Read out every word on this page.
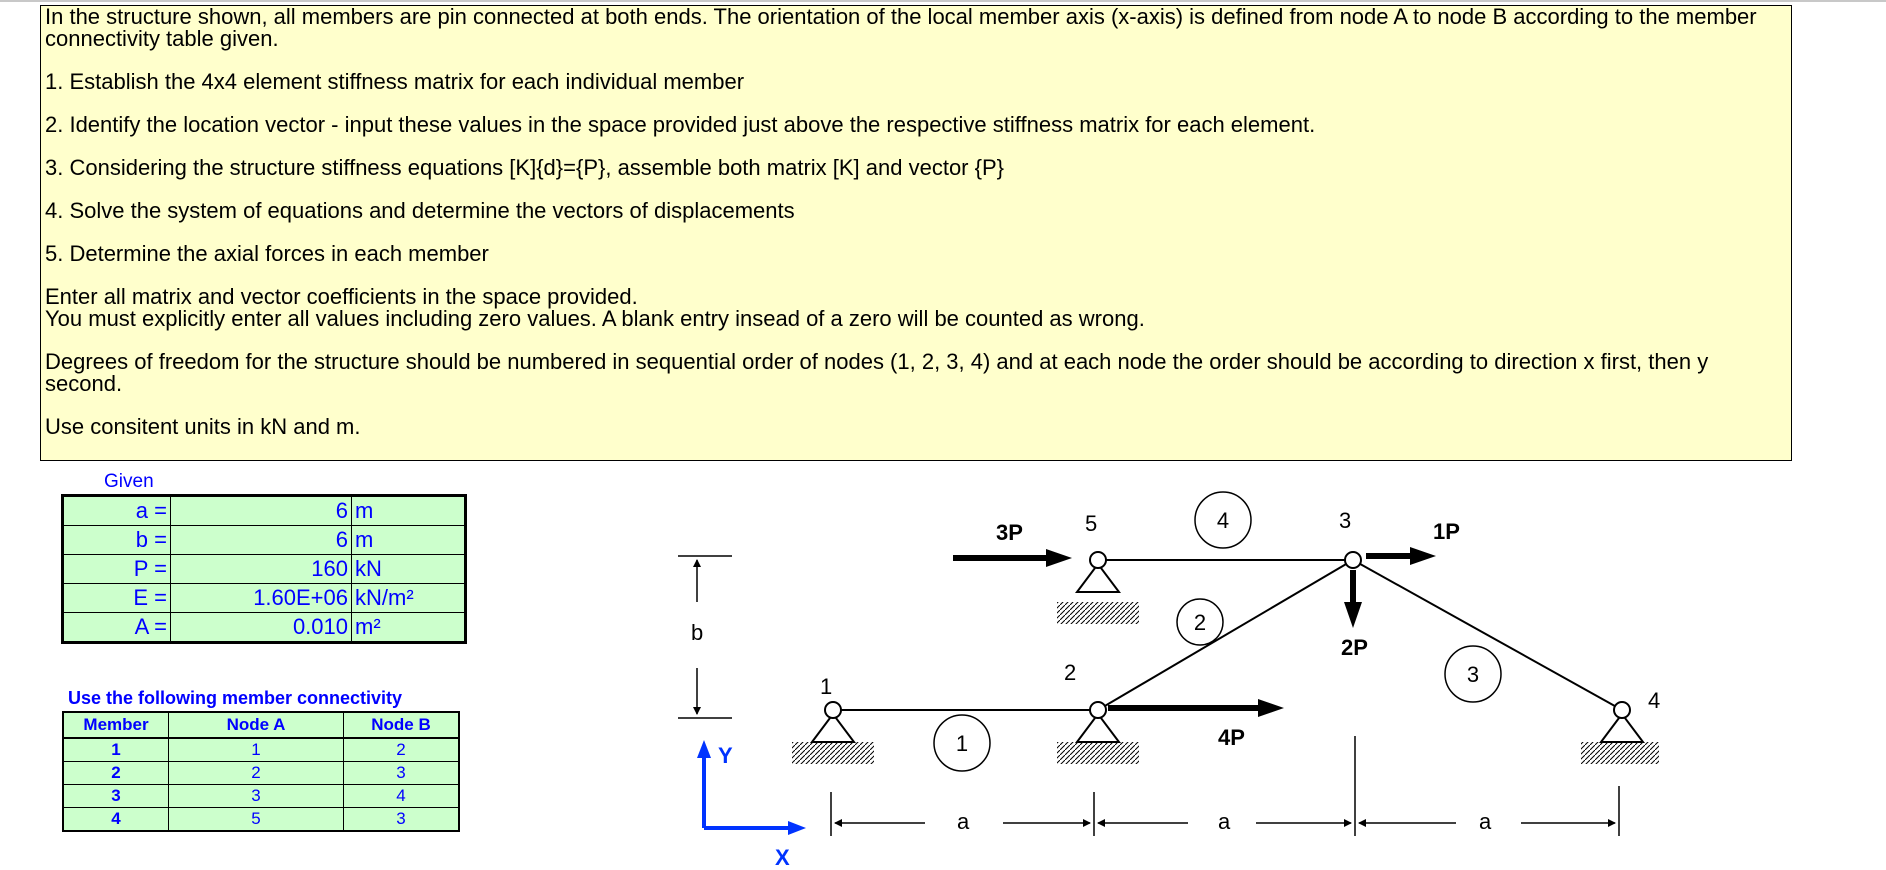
In the structure shown, all members are pin connected at both ends. The orientation of the local member axis (x-axis) is defined from node A to node B according to the member connectivity table given.

1. Establish the 4x4 element stiffness matrix for each individual member

2. Identify the location vector - input these values in the space provided just above the respective stiffness matrix for each element.

3. Considering the structure stiffness equations [K]{d}={P}, assemble both matrix [K] and vector {P}

4. Solve the system of equations and determine the vectors of displacements

5. Determine the axial forces in each member

Enter all matrix and vector coefficients in the space provided.

You must explicitly enter all values including zero values. A blank entry insead of a zero will be counted as wrong.

Degrees of freedom for the structure should be numbered in sequential order of nodes (1, 2, 3, 4) and at each node the order should be according to direction x first, then y second.

Use consitent units in kN and m.

Given
a =	6	m
b =	6	m
P =	160	kN
E =	1.60E+06	kN/m²
A =	0.010	m²
Use the following member connectivity
Member	Node A	Node B
1	1	2
2	2	3
3	3	4
4	5	3
1
2
3
4
5
1
2
3
4
3P	1P
2P
4P
b
a	a	a
Y
X
